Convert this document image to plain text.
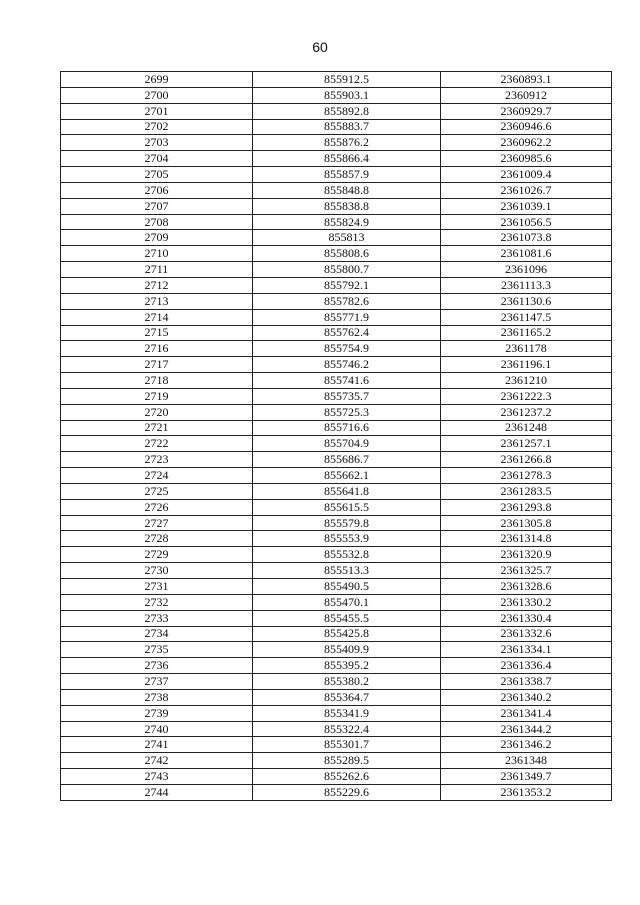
60
2699	855912.5	2360893.1
2700	855903.1	2360912
2701	855892.8	2360929.7
2702	855883.7	2360946.6
2703	855876.2	2360962.2
2704	855866.4	2360985.6
2705	855857.9	2361009.4
2706	855848.8	2361026.7
2707	855838.8	2361039.1
2708	855824.9	2361056.5
2709	855813	2361073.8
2710	855808.6	2361081.6
2711	855800.7	2361096
2712	855792.1	2361113.3
2713	855782.6	2361130.6
2714	855771.9	2361147.5
2715	855762.4	2361165.2
2716	855754.9	2361178
2717	855746.2	2361196.1
2718	855741.6	2361210
2719	855735.7	2361222.3
2720	855725.3	2361237.2
2721	855716.6	2361248
2722	855704.9	2361257.1
2723	855686.7	2361266.8
2724	855662.1	2361278.3
2725	855641.8	2361283.5
2726	855615.5	2361293.8
2727	855579.8	2361305.8
2728	855553.9	2361314.8
2729	855532.8	2361320.9
2730	855513.3	2361325.7
2731	855490.5	2361328.6
2732	855470.1	2361330.2
2733	855455.5	2361330.4
2734	855425.8	2361332.6
2735	855409.9	2361334.1
2736	855395.2	2361336.4
2737	855380.2	2361338.7
2738	855364.7	2361340.2
2739	855341.9	2361341.4
2740	855322.4	2361344.2
2741	855301.7	2361346.2
2742	855289.5	2361348
2743	855262.6	2361349.7
2744	855229.6	2361353.2
